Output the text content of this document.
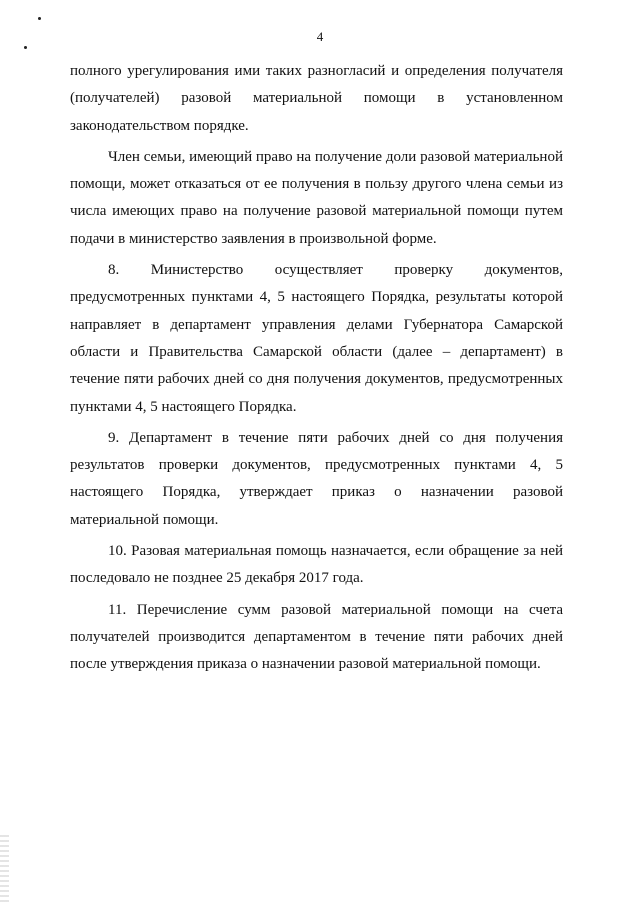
4

полного урегулирования ими таких разногласий и определения получателя (получателей) разовой материальной помощи в установленном законодательством порядке.

Член семьи, имеющий право на получение доли разовой материальной помощи, может отказаться от ее получения в пользу другого члена семьи из числа имеющих право на получение разовой материальной помощи путем подачи в министерство заявления в произвольной форме.

8. Министерство осуществляет проверку документов, предусмотренных пунктами 4, 5 настоящего Порядка, результаты которой направляет в департамент управления делами Губернатора Самарской области и Правительства Самарской области (далее – департамент) в течение пяти рабочих дней со дня получения документов, предусмотренных пунктами 4, 5 настоящего Порядка.

9. Департамент в течение пяти рабочих дней со дня получения результатов проверки документов, предусмотренных пунктами 4, 5 настоящего Порядка, утверждает приказ о назначении разовой материальной помощи.

10. Разовая материальная помощь назначается, если обращение за ней последовало не позднее 25 декабря 2017 года.

11. Перечисление сумм разовой материальной помощи на счета получателей производится департаментом в течение пяти рабочих дней после утверждения приказа о назначении разовой материальной помощи.
